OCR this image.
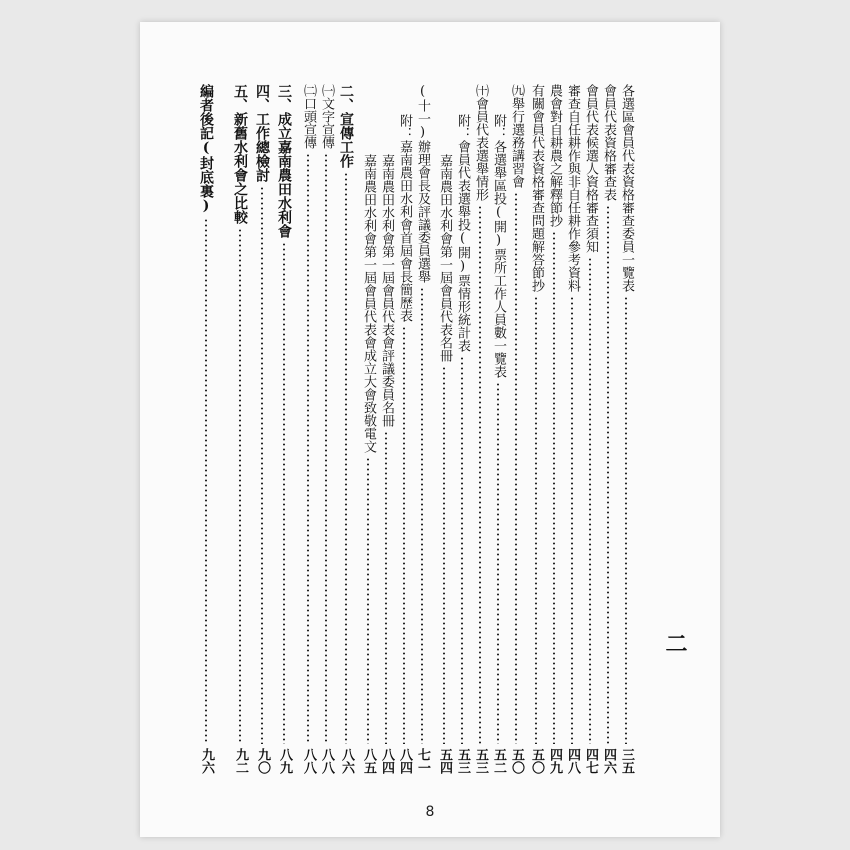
各選區會員代表資格審查委員一覽表
三五
會員代表資格審查表
四六
會員代表候選人資格審查須知
四七
審查自任耕作與非自任耕作參考資料
四八
農會對自耕農之解釋節抄
四九
有關會員代表資格審查問題解答節抄
五〇
㈨舉行選務講習會
五〇
附：各選舉區投(開)票所工作人員數一覽表
五二
㈩會員代表選舉情形
五三
附：會員代表選舉投(開)票情形統計表
五三
嘉南農田水利會第一屆會員代表名冊
五四
(十一)辦理會長及評議委員選舉
七一
附：嘉南農田水利會首屆會長簡歷表
八四
嘉南農田水利會第一屆會員代表會評議委員名冊
八四
嘉南農田水利會第一屆會員代表會成立大會致敬電文
八五
二、宣傳工作
八六
㈠文字宣傳
八八
㈡口頭宣傳
八八
三、成立嘉南農田水利會
八九
四、工作總檢討
九〇
五、新舊水利會之比較
九二
編者後記(封底裏)
九六
二
8
